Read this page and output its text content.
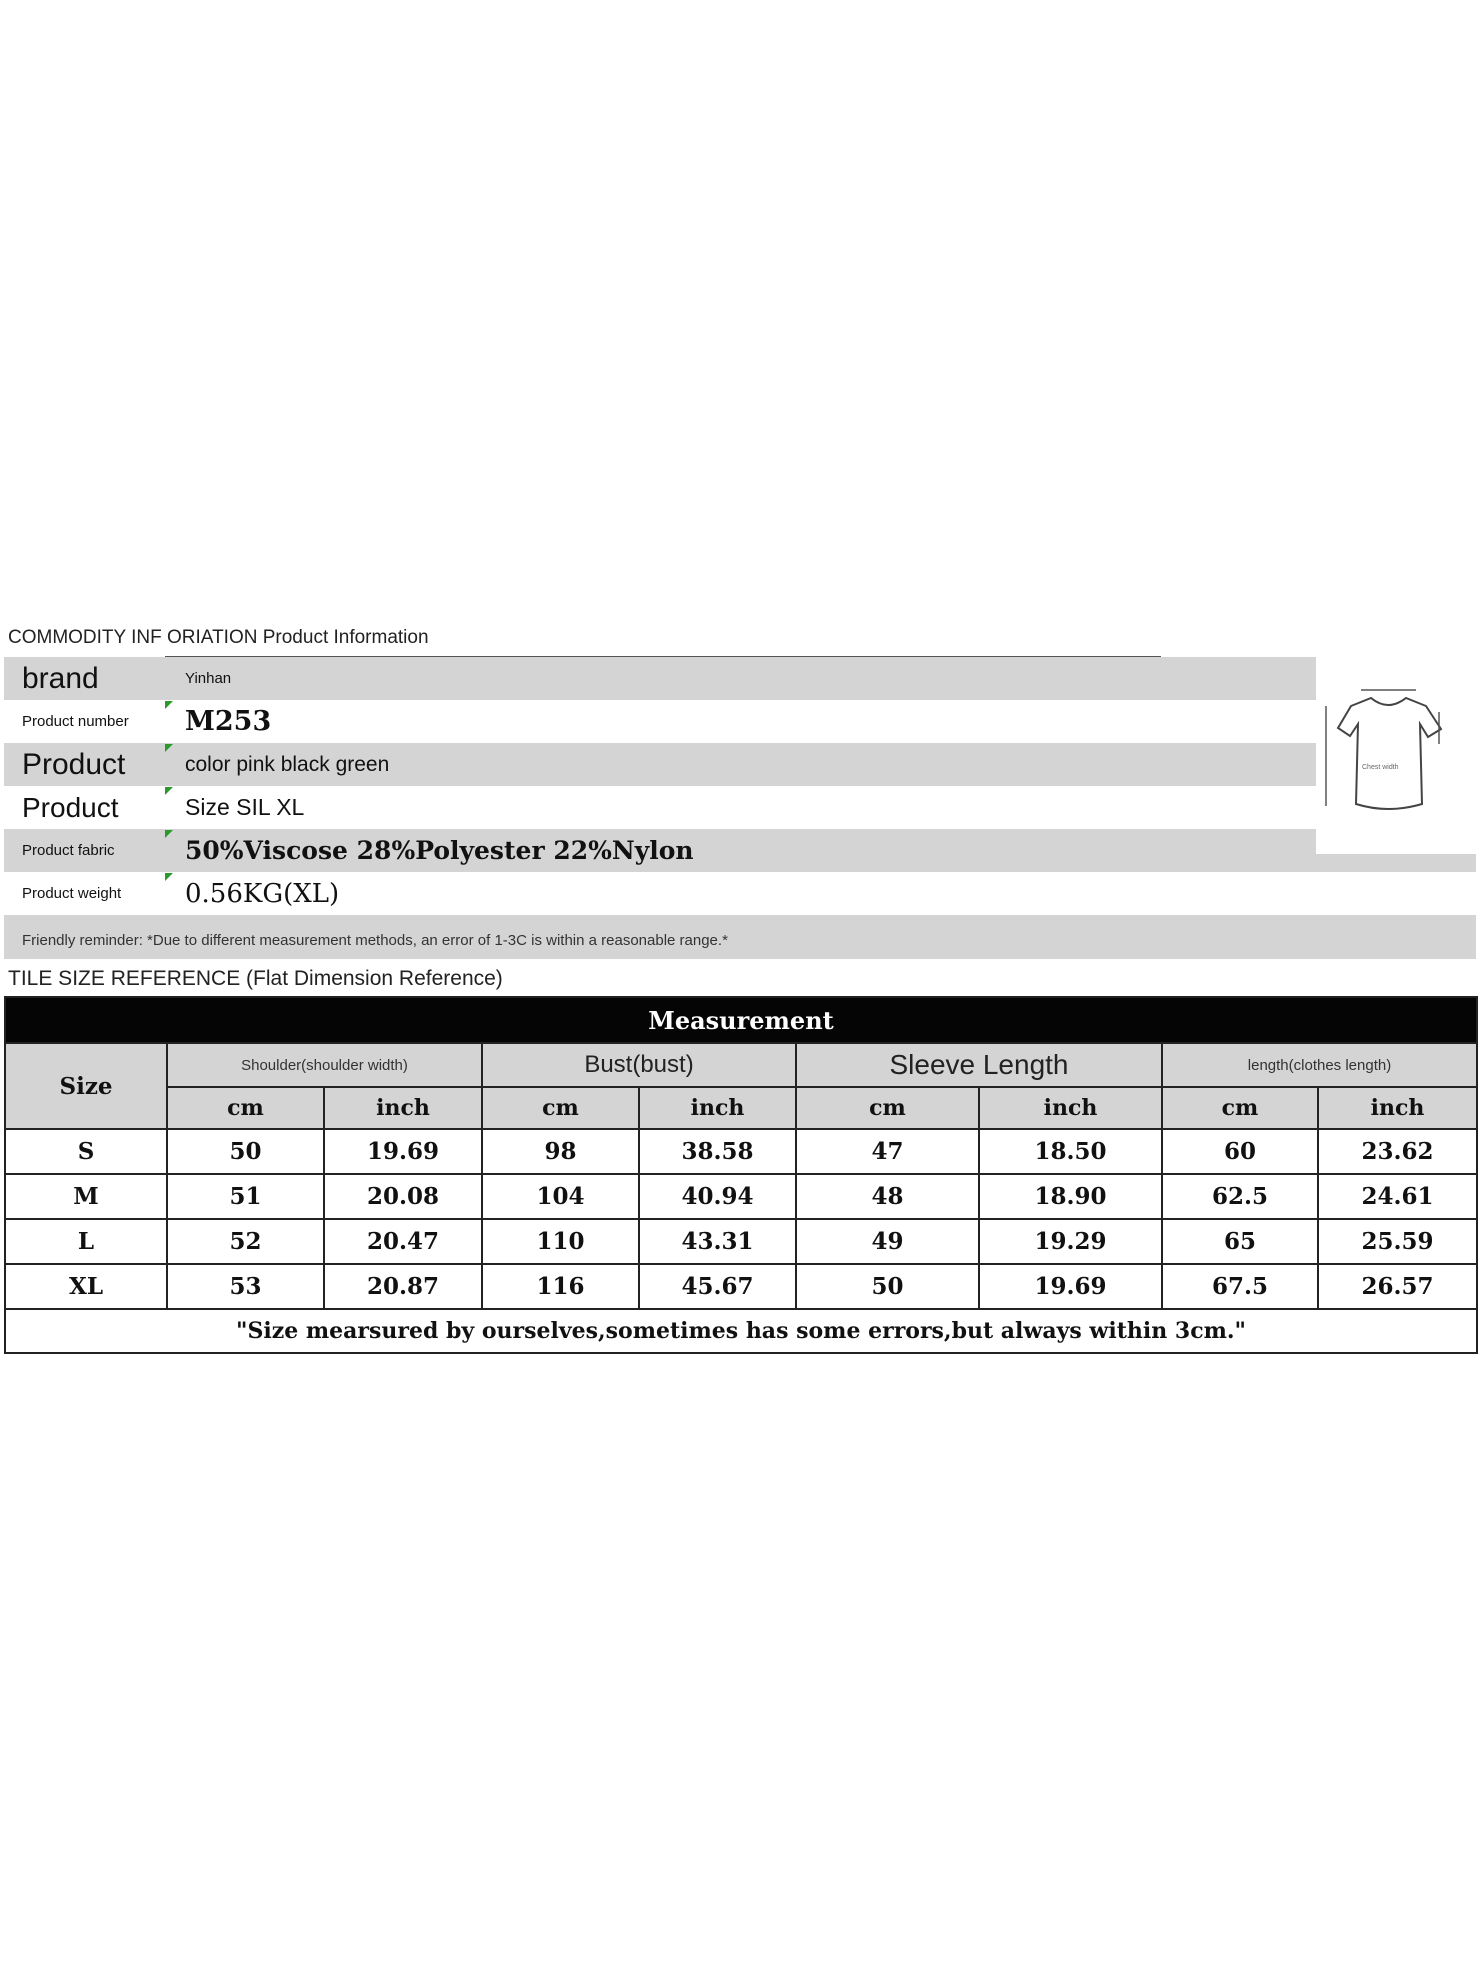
COMMODITY INF ORIATION Product Information
brand	Yinhan
Product number	M253
Product	color pink black green
Product	Size SIL XL
Product fabric	50%Viscose 28%Polyester 22%Nylon
Product weight	0.56KG(XL)
Friendly reminder: *Due to different measurement methods, an error of 1-3C is within a reasonable range.*
Chest width
TILE SIZE REFERENCE (Flat Dimension Reference)
Measurement								
Size	Shoulder(shoulder width)		Bust(bust)		Sleeve Length		length(clothes length)	
	cm	inch	cm	inch	cm	inch	cm	inch
S	50	19.69	98	38.58	47	18.50	60	23.62
M	51	20.08	104	40.94	48	18.90	62.5	24.61
L	52	20.47	110	43.31	49	19.29	65	25.59
XL	53	20.87	116	45.67	50	19.69	67.5	26.57
"Size mearsured by ourselves,sometimes has some errors,but always within 3cm."								
